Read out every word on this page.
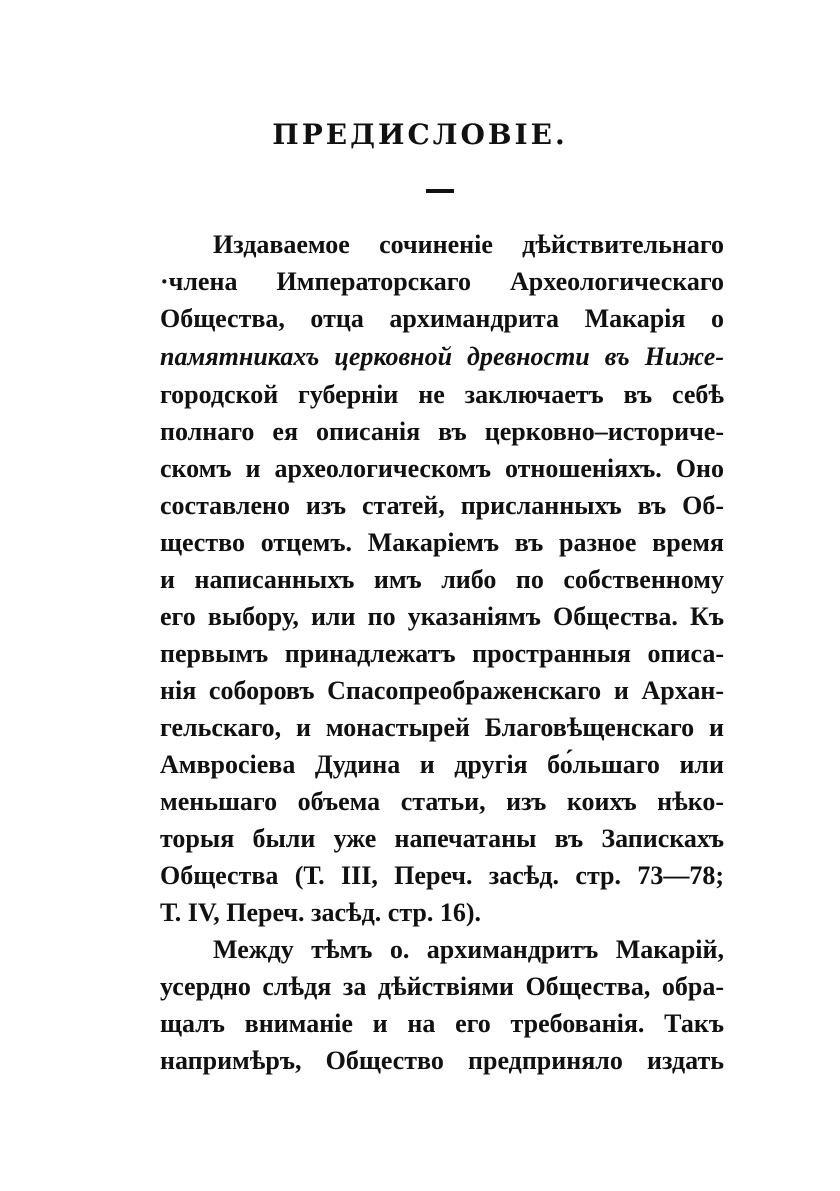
ПРЕДИСЛОВІЕ.
Издаваемое сочиненіе дѣйствительнаго
·члена Императорскаго Археологическаго
Общества, отца архимандрита Макарія о
памятникахъ церковной древности въ Ниже-
городской губерніи не заключаетъ въ себѣ
полнаго ея описанія въ церковно–историче-
скомъ и археологическомъ отношеніяхъ. Оно
составлено изъ статей, присланныхъ въ Об-
щество отцемъ. Макаріемъ въ разное время
и написанныхъ имъ либо по собственному
его выбору, или по указаніямъ Общества. Къ
первымъ принадлежатъ пространныя описа-
нія соборовъ Спасопреображенскаго и Архан-
гельскаго, и монастырей Благовѣщенскаго и
Амвросіева Дудина и другія бо́льшаго или
меньшаго объема статьи, изъ коихъ нѣко-
торыя были уже напечатаны въ Запискахъ
Общества (Т. III, Переч. засѣд. стр. 73—78;
Т. IV, Переч. засѣд. стр. 16).
Между тѣмъ о. архимандритъ Макарій,
усердно слѣдя за дѣйствіями Общества, обра-
щалъ вниманіе и на его требованія. Такъ
напримѣръ, Общество предприняло издать
